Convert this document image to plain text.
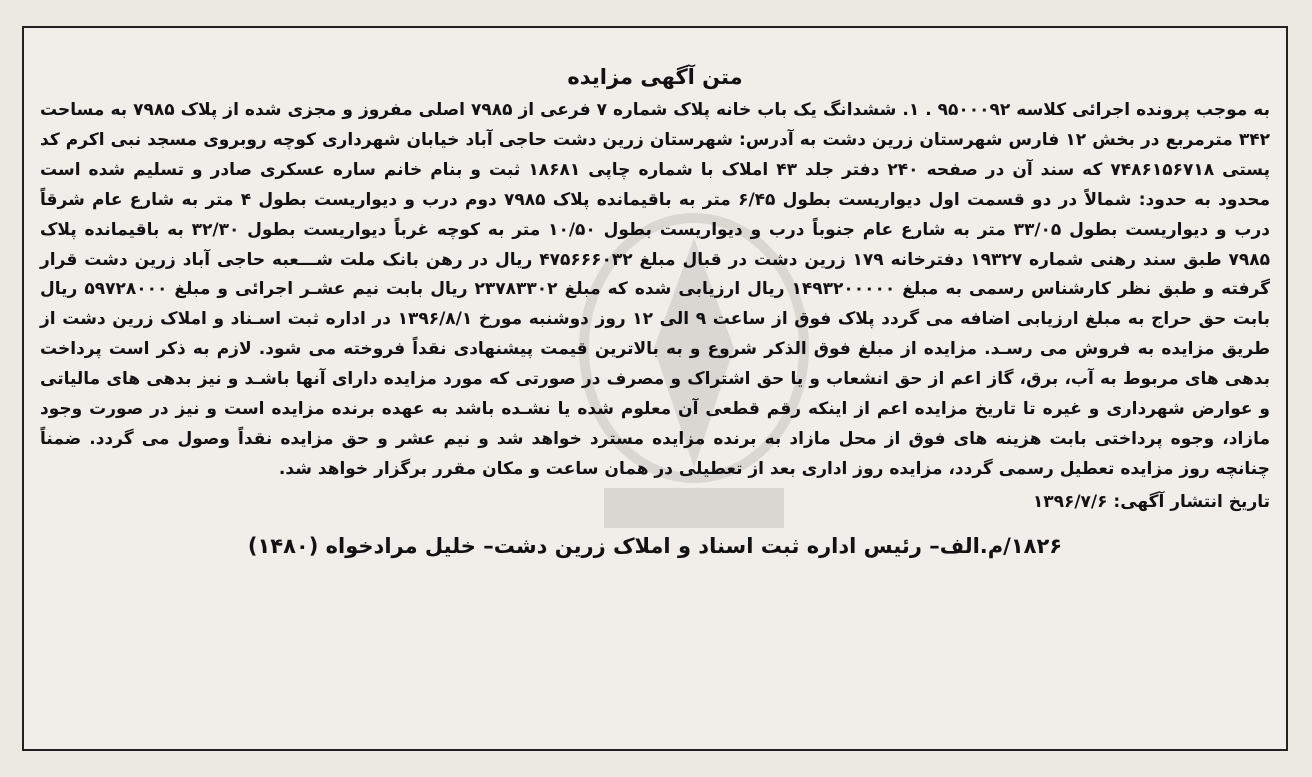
متن آگهی مزایده

به موجب پرونده اجرائی کلاسه ۹۵۰۰۰۹۲ . ۱. ششدانگ یک باب خانه پلاک شماره ۷ فرعی از ۷۹۸۵ اصلی مفروز و مجزی شده از پلاک ۷۹۸۵ به مساحت ۳۴۲ مترمربع در بخش ۱۲ فارس شهرستان زرین دشت به آدرس: شهرستان زرین دشت حاجی آباد خیابان شهرداری کوچه روبروی مسجد نبی اکرم کد پستی ۷۴۸۶۱۵۶۷۱۸ که سند آن در صفحه ۲۴۰ دفتر جلد ۴۳ املاک با شماره چاپی ۱۸۶۸۱ ثبت و بنام خانم ساره عسکری صادر و تسلیم شده است محدود به حدود: شمالاً در دو قسمت اول دیواریست بطول ۶/۴۵ متر به باقیمانده پلاک ۷۹۸۵ دوم درب و دیواریست بطول ۴ متر به شارع عام شرقاً درب و دیواریست بطول ۳۳/۰۵ متر به شارع عام جنوباً درب و دیواریست بطول ۱۰/۵۰ متر به کوچه غرباً دیواریست بطول ۳۲/۳۰ به باقیمانده پلاک ۷۹۸۵ طبق سند رهنی شماره ۱۹۳۲۷ دفترخانه ۱۷۹ زرین دشت در قبال مبلغ ۴۷۵۶۶۶۰۳۲ ریال در رهن بانک ملت شـــعبه حاجی آباد زرین دشت قرار گرفته و طبق نظر کارشناس رسمی به مبلغ ۱۴۹۳۲۰۰۰۰۰ ریال ارزیابی شده که مبلغ ۲۳۷۸۳۳۰۲ ریال بابت نیم عشـر اجرائی و مبلغ ۵۹۷۲۸۰۰۰ ریال بابت حق حراج به مبلغ ارزیابی اضافه می گردد پلاک فوق از ساعت ۹ الی ۱۲ روز دوشنبه مورخ ۱۳۹۶/۸/۱ در اداره ثبت اسـناد و املاک زرین دشت از طریق مزایده به فروش می رسـد. مزایده از مبلغ فوق الذکر شروع و به بالاترین قیمت پیشنهادی نقداً فروخته می شود. لازم به ذکر است پرداخت بدهی های مربوط به آب، برق، گاز اعم از حق انشعاب و یا حق اشتراک و مصرف در صورتی که مورد مزایده دارای آنها باشـد و نیز بدهی های مالیاتی و عوارض شهرداری و غیره تا تاریخ مزایده اعم از اینکه رقم قطعی آن معلوم شده یا نشـده باشد به عهده برنده مزایده است و نیز در صورت وجود مازاد، وجوه پرداختی بابت هزینه های فوق از محل مازاد به برنده مزایده مسترد خواهد شد و نیم عشر و حق مزایده نقداً وصول می گردد. ضمناً چنانچه روز مزایده تعطیل رسمی گردد، مزایده روز اداری بعد از تعطیلی در همان ساعت و مکان مقرر برگزار خواهد شد.

تاریخ انتشار آگهی: ۱۳۹۶/۷/۶

۱۸۲۶/م.الف– رئیس اداره ثبت اسناد و املاک زرین دشت– خلیل مرادخواه (۱۴۸۰)
